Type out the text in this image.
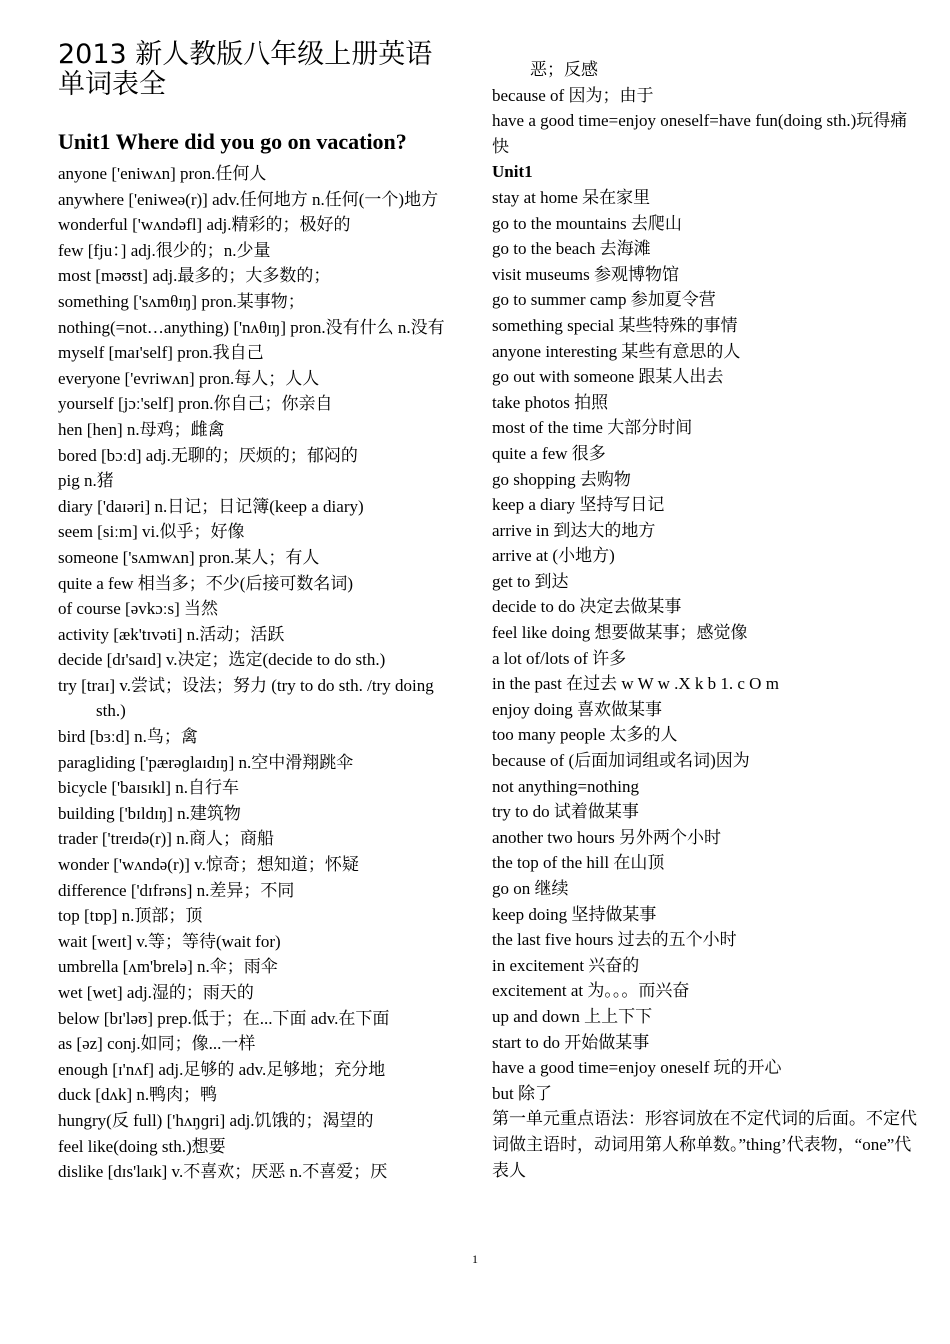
2013 新人教版八年级上册英语单词表全
Unit1 Where did you go on vacation?
anyone ['eniwʌn] pron.任何人
anywhere ['eniweə(r)] adv.任何地方 n.任何(一个)地方
wonderful ['wʌndəfl] adj.精彩的；极好的
few [fju：] adj.很少的；n.少量
most [məʊst] adj.最多的；大多数的；
something ['sʌmθɪŋ] pron.某事物；
nothing(=not…anything) ['nʌθɪŋ] pron.没有什么 n.没有
myself [maɪ'self] pron.我自己
everyone ['evriwʌn] pron.每人；人人
yourself [jɔː'self] pron.你自己；你亲自
hen [hen] n.母鸡；雌禽
bored [bɔːd] adj.无聊的；厌烦的；郁闷的
pig n.猪
diary ['daɪəri] n.日记；日记簿(keep a diary)
seem [siːm] vi.似乎；好像
someone ['sʌmwʌn] pron.某人；有人
quite a few 相当多；不少(后接可数名词)
of course [əvkɔːs] 当然
activity [æk'tɪvəti] n.活动；活跃
decide [dɪ'saɪd] v.决定；选定(decide to do sth.)
try [traɪ] v.尝试；设法；努力 (try to do sth. /try doing sth.)
bird [bɜːd] n.鸟；禽
paragliding ['pærəɡlaɪdɪŋ] n.空中滑翔跳伞
bicycle ['baɪsɪkl] n.自行车
building ['bɪldɪŋ] n.建筑物
trader ['treɪdə(r)] n.商人；商船
wonder ['wʌndə(r)] v.惊奇；想知道；怀疑
difference ['dɪfrəns] n.差异；不同
top [tɒp] n.顶部；顶
wait [weɪt] v.等；等待(wait for)
umbrella [ʌm'brelə] n.伞；雨伞
wet [wet] adj.湿的；雨天的
below [bɪ'ləʊ] prep.低于；在...下面 adv.在下面
as [əz] conj.如同；像...一样
enough [ɪ'nʌf] adj.足够的 adv.足够地；充分地
duck [dʌk] n.鸭肉；鸭
hungry(反 full) ['hʌŋɡri] adj.饥饿的；渴望的
feel like(doing sth.)想要
dislike [dɪs'laɪk] v.不喜欢；厌恶 n.不喜爱；厌
恶；反感
because of 因为；由于
have a good time=enjoy oneself=have fun(doing sth.)玩得痛快
Unit1
stay at home 呆在家里
go to the mountains 去爬山
go to the beach 去海滩
visit museums 参观博物馆
go to summer camp 参加夏令营
something special 某些特殊的事情
anyone interesting 某些有意思的人
go out with someone 跟某人出去
take photos 拍照
most of the time 大部分时间
quite a few 很多
go shopping 去购物
keep a diary 坚持写日记
arrive in 到达大的地方
arrive at (小地方)
get to 到达
decide to do 决定去做某事
feel like doing 想要做某事；感觉像
a lot of/lots of 许多
in the past 在过去 w W w .X k b 1. c O m
enjoy doing 喜欢做某事
too many people 太多的人
because of (后面加词组或名词)因为
not anything=nothing
try to do 试着做某事
another two hours 另外两个小时
the top of the hill 在山顶
go on 继续
keep doing 坚持做某事
the last five hours 过去的五个小时
in excitement 兴奋的
excitement at 为。。。而兴奋
up and down 上上下下
start to do 开始做某事
have a good time=enjoy oneself 玩的开心
but 除了
第一单元重点语法：形容词放在不定代词的后面。不定代词做主语时，动词用第人称单数。”thing’代表物，“one”代表人
1
